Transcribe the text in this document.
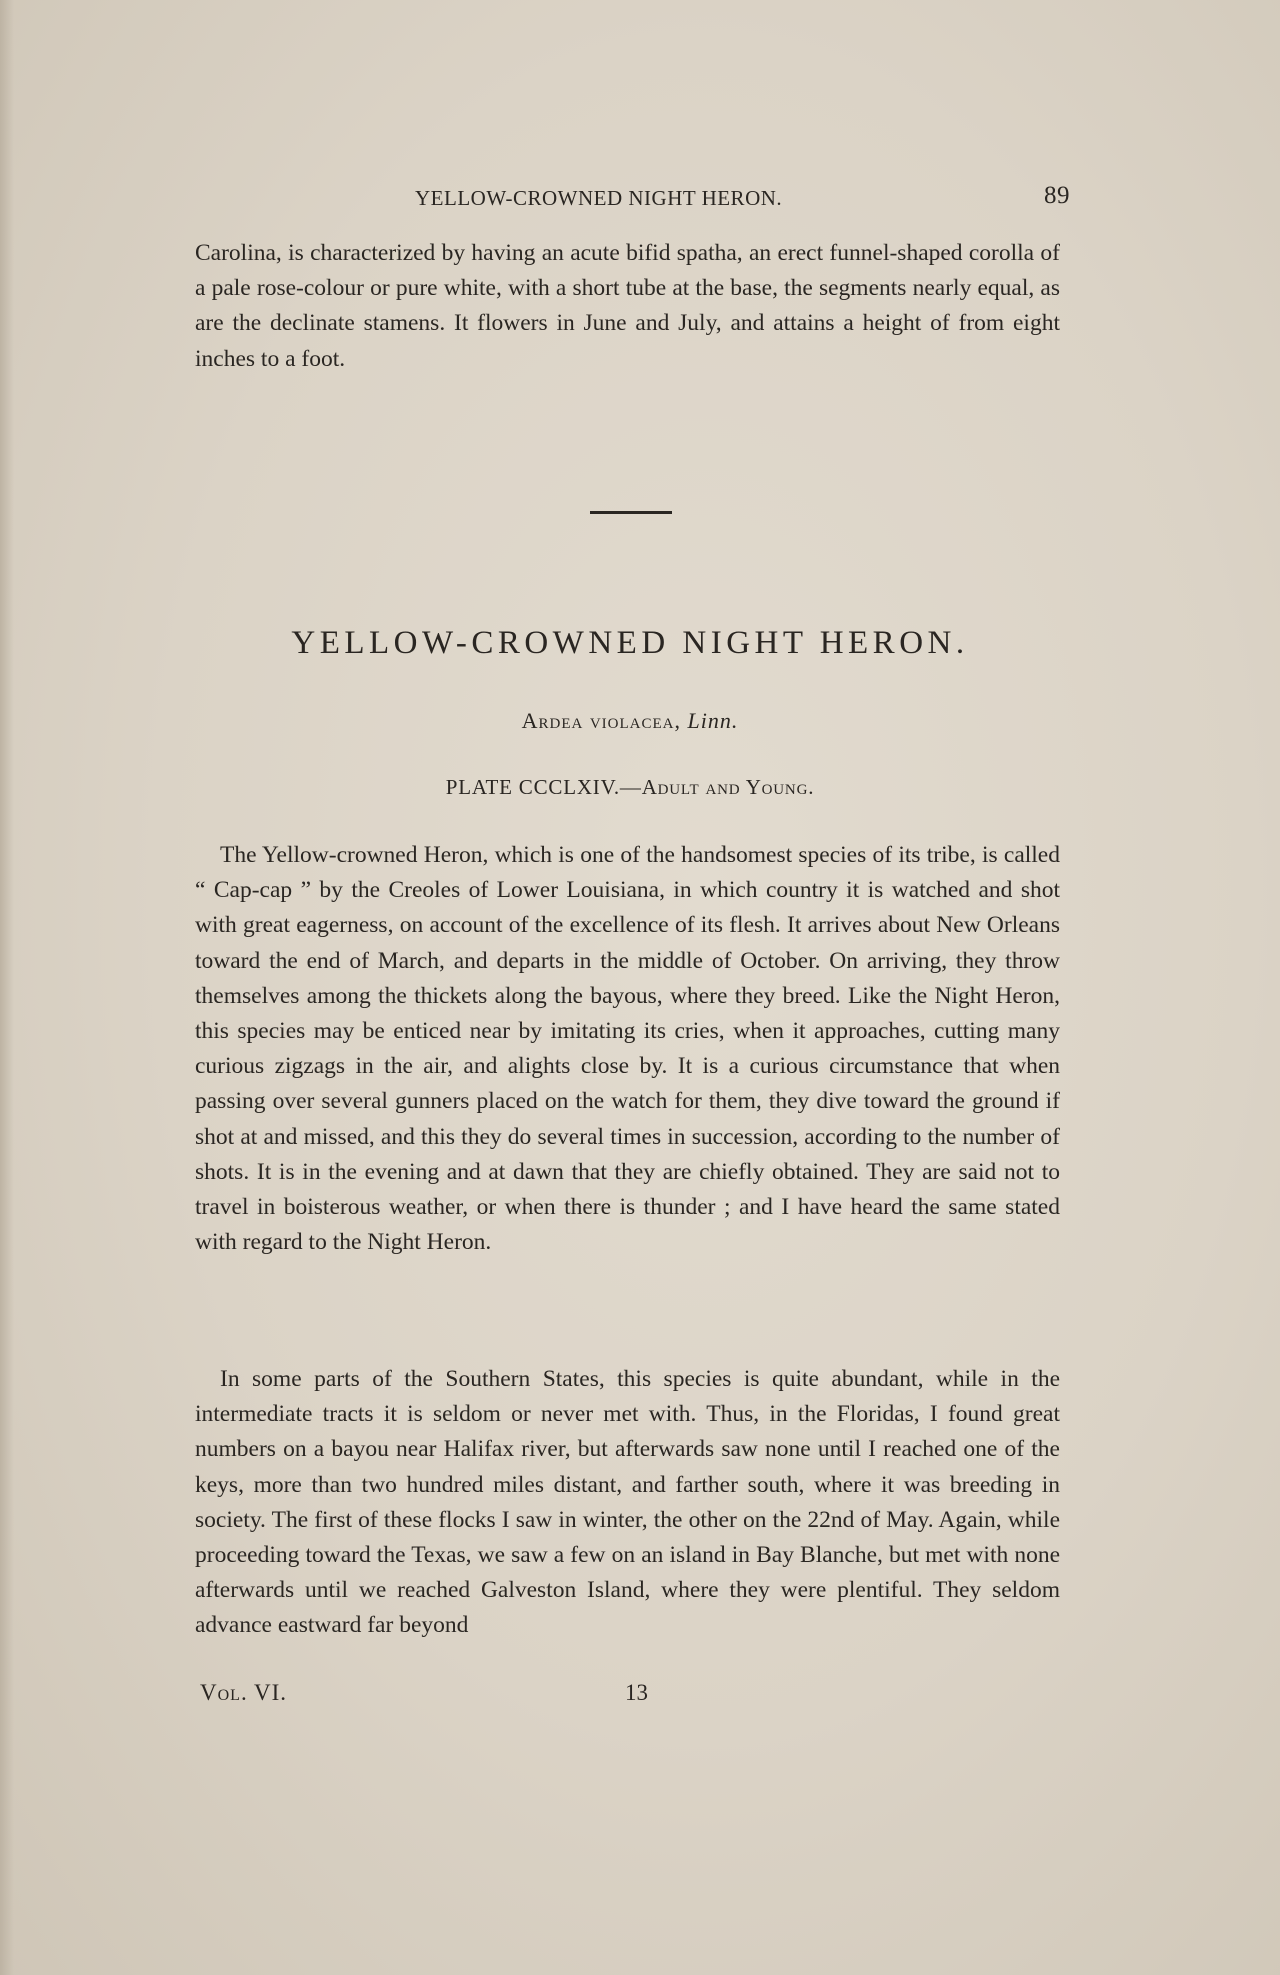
YELLOW-CROWNED NIGHT HERON.	89

Carolina, is characterized by having an acute bifid spatha, an erect funnel-shaped corolla of a pale rose-colour or pure white, with a short tube at the base, the segments nearly equal, as are the declinate stamens. It flowers in June and July, and attains a height of from eight inches to a foot.

YELLOW-CROWNED NIGHT HERON.
Ardea violacea, Linn.
PLATE CCCLXIV.—Adult and Young.

The Yellow-crowned Heron, which is one of the handsomest species of its tribe, is called “ Cap-cap ” by the Creoles of Lower Louisiana, in which country it is watched and shot with great eagerness, on account of the excellence of its flesh. It arrives about New Orleans toward the end of March, and departs in the middle of October. On arriving, they throw themselves among the thickets along the bayous, where they breed. Like the Night Heron, this species may be enticed near by imitating its cries, when it approaches, cutting many curious zigzags in the air, and alights close by. It is a curious circumstance that when passing over several gunners placed on the watch for them, they dive toward the ground if shot at and missed, and this they do several times in succession, according to the number of shots. It is in the evening and at dawn that they are chiefly obtained. They are said not to travel in boisterous weather, or when there is thunder ; and I have heard the same stated with regard to the Night Heron.

In some parts of the Southern States, this species is quite abundant, while in the intermediate tracts it is seldom or never met with. Thus, in the Floridas, I found great numbers on a bayou near Halifax river, but afterwards saw none until I reached one of the keys, more than two hundred miles distant, and farther south, where it was breeding in society. The first of these flocks I saw in winter, the other on the 22nd of May. Again, while proceeding toward the Texas, we saw a few on an island in Bay Blanche, but met with none afterwards until we reached Galveston Island, where they were plentiful. They seldom advance eastward far beyond

Vol. VI.	13
